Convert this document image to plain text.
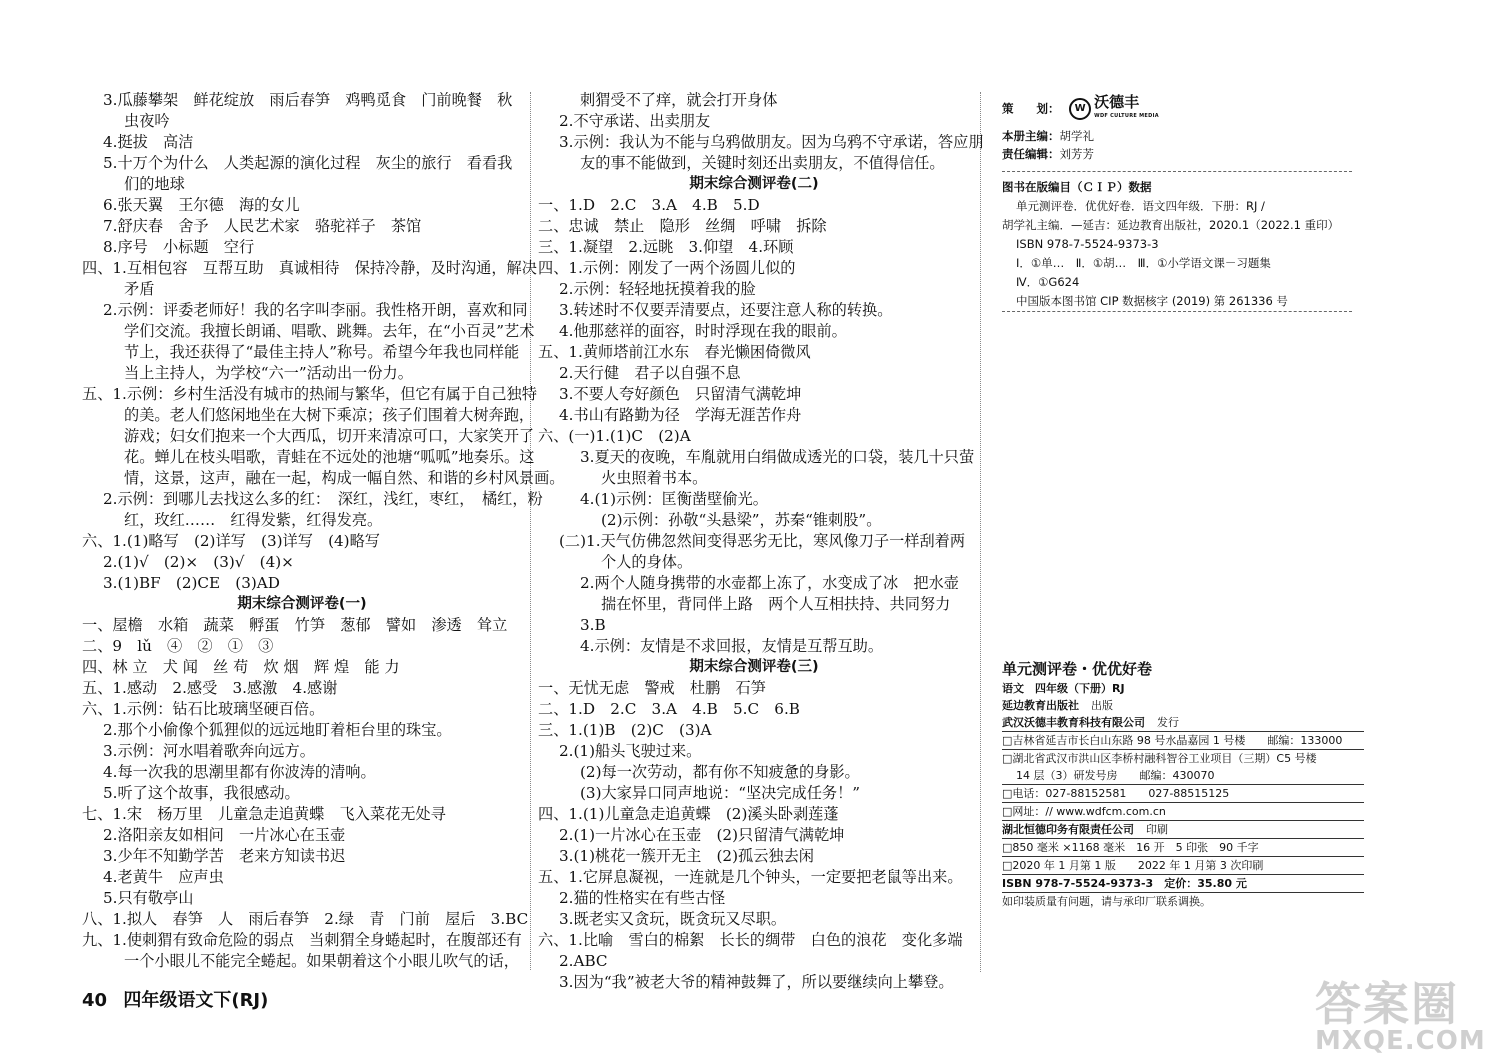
3.瓜藤攀架　鲜花绽放　雨后春笋　鸡鸭觅食　门前晚餐　秋
虫夜吟
4.挺拔　高洁
5.十万个为什么　人类起源的演化过程　灰尘的旅行　看看我
们的地球
6.张天翼　王尔德　海的女儿
7.舒庆春　舍予　人民艺术家　骆驼祥子　茶馆
8.序号　小标题　空行
四、1.互相包容　互帮互助　真诚相待　保持冷静，及时沟通，解决
矛盾
2.示例：评委老师好！我的名字叫李丽。我性格开朗，喜欢和同
学们交流。我擅长朗诵、唱歌、跳舞。去年，在“小百灵”艺术
节上，我还获得了“最佳主持人”称号。希望今年我也同样能
当上主持人，为学校“六一”活动出一份力。
五、1.示例：乡村生活没有城市的热闹与繁华，但它有属于自己独特
的美。老人们悠闲地坐在大树下乘凉；孩子们围着大树奔跑，
游戏；妇女们抱来一个大西瓜，切开来清凉可口，大家笑开了
花。蝉儿在枝头唱歌，青蛙在不远处的池塘“呱呱”地奏乐。这
情，这景，这声，融在一起，构成一幅自然、和谐的乡村风景画。
2.示例：到哪儿去找这么多的红：　深红，浅红，枣红，　橘红，粉
红，玫红……　红得发紫，红得发亮。
六、1.(1)略写　(2)详写　(3)详写　(4)略写
2.(1)√　(2)×　(3)√　(4)×
3.(1)BF　(2)CE　(3)AD
期末综合测评卷(一)
一、屋檐　水箱　蔬菜　孵蛋　竹笋　葱郁　譬如　渗透　耸立
二、9　lǔ　④　②　①　③
四、林 立　犬 闻　丝 苟　炊 烟　辉 煌　能 力
五、1.感动　2.感受　3.感激　4.感谢
六、1.示例：钻石比玻璃坚硬百倍。
2.那个小偷像个狐狸似的远远地盯着柜台里的珠宝。
3.示例：河水唱着歌奔向远方。
4.每一次我的思潮里都有你波涛的清响。
5.听了这个故事，我很感动。
七、1.宋　杨万里　儿童急走追黄蝶　飞入菜花无处寻
2.洛阳亲友如相问　一片冰心在玉壶
3.少年不知勤学苦　老来方知读书迟
4.老黄牛　应声虫
5.只有敬亭山
八、1.拟人　春笋　人　雨后春笋　2.绿　青　门前　屋后　3.BC
九、1.使刺猬有致命危险的弱点　当刺猬全身蜷起时，在腹部还有
一个小眼儿不能完全蜷起。如果朝着这个小眼儿吹气的话，
刺猬受不了痒，就会打开身体
2.不守承诺、出卖朋友
3.示例：我认为不能与乌鸦做朋友。因为乌鸦不守承诺，答应朋
友的事不能做到，关键时刻还出卖朋友，不值得信任。
期末综合测评卷(二)
一、1.D　2.C　3.A　4.B　5.D
二、忠诚　禁止　隐形　丝绸　呼啸　拆除
三、1.凝望　2.远眺　3.仰望　4.环顾
四、1.示例：刚发了一两个汤圆儿似的
2.示例：轻轻地抚摸着我的脸
3.转述时不仅要弄清要点，还要注意人称的转换。
4.他那慈祥的面容，时时浮现在我的眼前。
五、1.黄师塔前江水东　春光懒困倚微风
2.天行健　君子以自强不息
3.不要人夸好颜色　只留清气满乾坤
4.书山有路勤为径　学海无涯苦作舟
六、(一)1.(1)C　(2)A
3.夏天的夜晚，车胤就用白绢做成透光的口袋，装几十只萤
火虫照着书本。
4.(1)示例：匡衡凿壁偷光。
(2)示例：孙敬“头悬梁”，苏秦“锥刺股”。
(二)1.天气仿佛忽然间变得恶劣无比，寒风像刀子一样刮着两
个人的身体。
2.两个人随身携带的水壶都上冻了，水变成了冰　把水壶
揣在怀里，背同伴上路　两个人互相扶持、共同努力
3.B
4.示例：友情是不求回报，友情是互帮互助。
期末综合测评卷(三)
一、无忧无虑　警戒　杜鹏　石笋
二、1.D　2.C　3.A　4.B　5.C　6.B
三、1.(1)B　(2)C　(3)A
2.(1)船头飞驶过来。
(2)每一次劳动，都有你不知疲惫的身影。
(3)大家异口同声地说：“坚决完成任务！”
四、1.(1)儿童急走追黄蝶　(2)溪头卧剥莲蓬
2.(1)一片冰心在玉壶　(2)只留清气满乾坤
3.(1)桃花一簇开无主　(2)孤云独去闲
五、1.它屏息凝视，一连就是几个钟头，一定要把老鼠等出来。
2.猫的性格实在有些古怪
3.既老实又贪玩，既贪玩又尽职。
六、1.比喻　雪白的棉絮　长长的绸带　白色的浪花　变化多端
2.ABC
3.因为“我”被老大爷的精神鼓舞了，所以要继续向上攀登。
40 四年级语文下(RJ)
策　　划：	W 沃德丰
WDF CULTURE MEDIA
本册主编：胡学礼
责任编辑：刘芳芳
图书在版编目（ＣＩＰ）数据
单元测评卷．优优好卷．语文四年级．下册：RJ /
胡学礼主编．—延吉：延边教育出版社，2020.1（2022.1 重印）
ISBN 978-7-5524-9373-3
Ⅰ．①单…　Ⅱ．①胡…　Ⅲ．①小学语文课－习题集
Ⅳ．①G624
中国版本图书馆 CIP 数据核字 (2019) 第 261336 号
单元测评卷・优优好卷
语文　四年级（下册）RJ
延边教育出版社 出版
武汉沃德丰教育科技有限公司 发行
□吉林省延吉市长白山东路 98 号水晶嘉园 1 号楼　　邮编：133000
□湖北省武汉市洪山区李桥村融科智谷工业项目（三期）C5 号楼
14 层（3）研发号房　　邮编：430070
□电话：027-88152581　　027-88515125
□网址：// www.wdfcm.com.cn
湖北恒德印务有限责任公司 印刷
□850 毫米 ×1168 毫米　16 开　5 印张　90 千字
□2020 年 1 月第 1 版　　2022 年 1 月第 3 次印刷
ISBN 978-7-5524-9373-3　 定价：35.80 元
如印装质量有问题，请与承印厂联系调换。
答案圈
MXQE.COM
